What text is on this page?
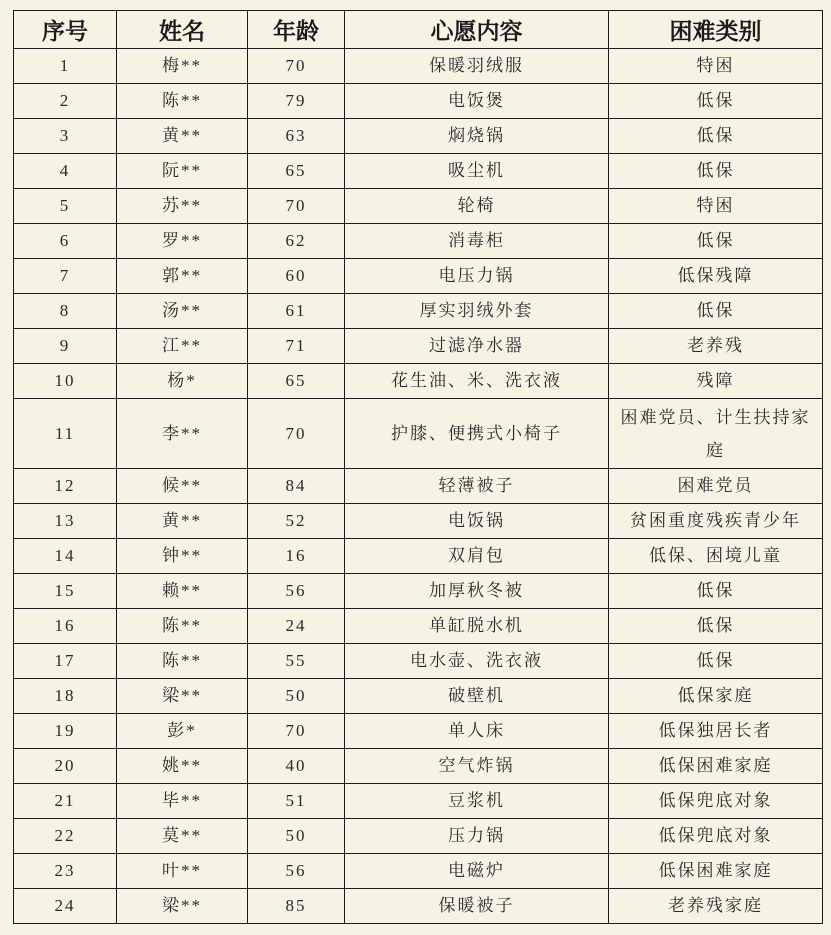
序号	姓名	年龄	心愿内容	困难类别
1	梅**	70	保暖羽绒服	特困
2	陈**	79	电饭煲	低保
3	黄**	63	焖烧锅	低保
4	阮**	65	吸尘机	低保
5	苏**	70	轮椅	特困
6	罗**	62	消毒柜	低保
7	郭**	60	电压力锅	低保残障
8	汤**	61	厚实羽绒外套	低保
9	江**	71	过滤净水器	老养残
10	杨*	65	花生油、米、洗衣液	残障
11	李**	70	护膝、便携式小椅子	困难党员、计生扶持家庭
12	候**	84	轻薄被子	困难党员
13	黄**	52	电饭锅	贫困重度残疾青少年
14	钟**	16	双肩包	低保、困境儿童
15	赖**	56	加厚秋冬被	低保
16	陈**	24	单缸脱水机	低保
17	陈**	55	电水壶、洗衣液	低保
18	梁**	50	破壁机	低保家庭
19	彭*	70	单人床	低保独居长者
20	姚**	40	空气炸锅	低保困难家庭
21	毕**	51	豆浆机	低保兜底对象
22	莫**	50	压力锅	低保兜底对象
23	叶**	56	电磁炉	低保困难家庭
24	梁**	85	保暖被子	老养残家庭
